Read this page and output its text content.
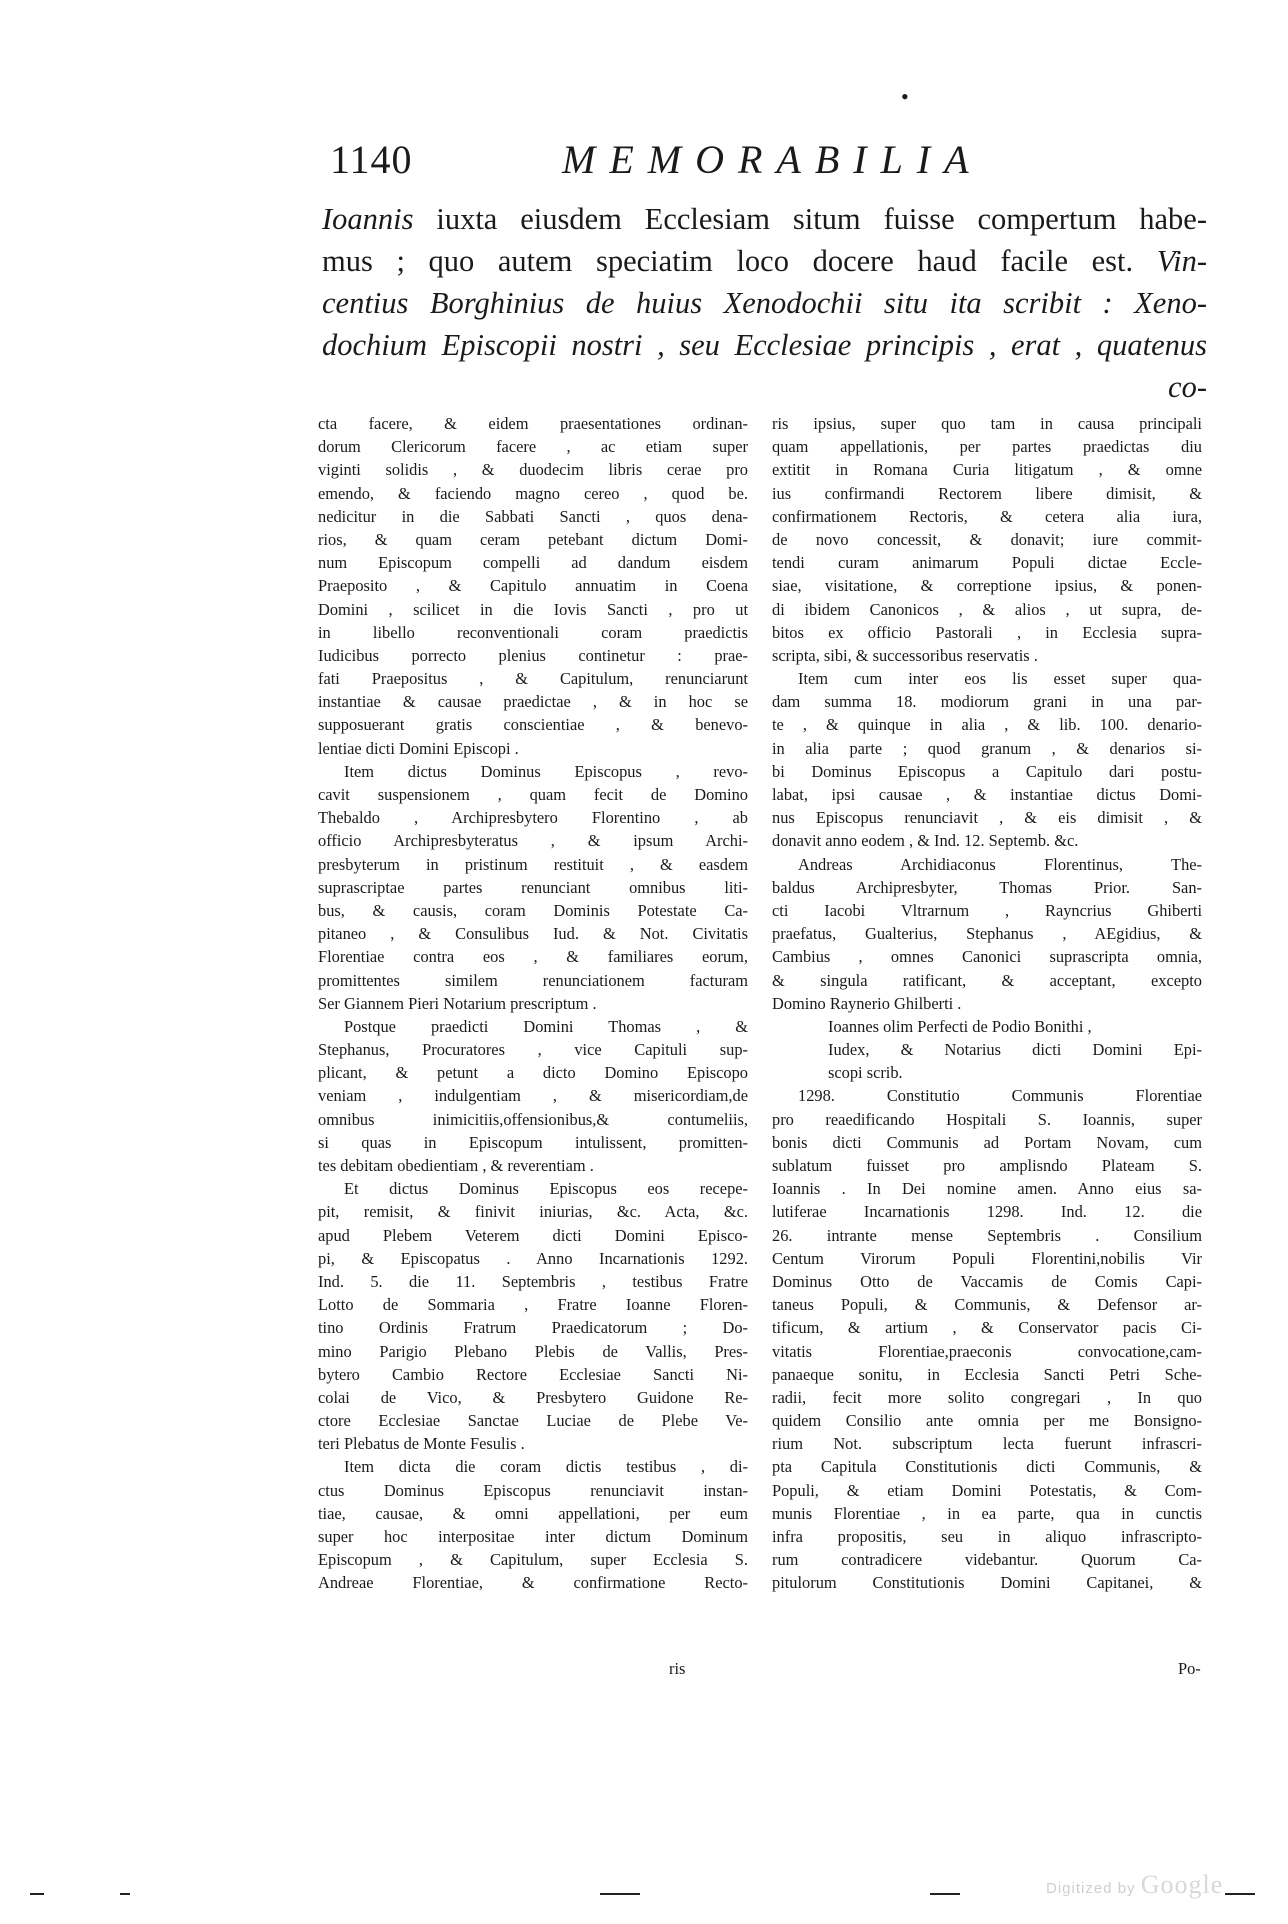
•
1140	MEMORABILIA
Ioannis iuxta eiusdem Ecclesiam situm fuisse compertum habe-
mus ; quo autem speciatim loco docere haud facile est. Vin-
centius Borghinius de huius Xenodochii situ ita scribit : Xeno-
dochium Episcopii nostri , seu Ecclesiae principis , erat , quatenus
co-
cta facere, & eidem praesentationes ordinan-
dorum Clericorum facere , ac etiam super
viginti solidis , & duodecim libris cerae pro
emendo, & faciendo magno cereo , quod be.
nedicitur in die Sabbati Sancti , quos dena-
rios, & quam ceram petebant dictum Domi-
num Episcopum compelli ad dandum eisdem
Praeposito , & Capitulo annuatim in Coena
Domini , scilicet in die Iovis Sancti , pro ut
in libello reconventionali coram praedictis
Iudicibus porrecto plenius continetur : prae-
fati Praepositus , & Capitulum, renunciarunt
instantiae & causae praedictae , & in hoc se
supposuerant gratis conscientiae , & benevo-
lentiae dicti Domini Episcopi .
Item dictus Dominus Episcopus , revo-
cavit suspensionem , quam fecit de Domino
Thebaldo , Archipresbytero Florentino , ab
officio Archipresbyteratus , & ipsum Archi-
presbyterum in pristinum restituit , & easdem
suprascriptae partes renunciant omnibus liti-
bus, & causis, coram Dominis Potestate Ca-
pitaneo , & Consulibus Iud. & Not. Civitatis
Florentiae contra eos , & familiares eorum,
promittentes similem renunciationem facturam
Ser Giannem Pieri Notarium prescriptum .
Postque praedicti Domini Thomas , &
Stephanus, Procuratores , vice Capituli sup-
plicant, & petunt a dicto Domino Episcopo
veniam , indulgentiam , & misericordiam,de
omnibus inimicitiis,offensionibus,& contumeliis,
si quas in Episcopum intulissent, promitten-
tes debitam obedientiam , & reverentiam .
Et dictus Dominus Episcopus eos recepe-
pit, remisit, & finivit iniurias, &c. Acta, &c.
apud Plebem Veterem dicti Domini Episco-
pi, & Episcopatus . Anno Incarnationis 1292.
Ind. 5. die 11. Septembris , testibus Fratre
Lotto de Sommaria , Fratre Ioanne Floren-
tino Ordinis Fratrum Praedicatorum ; Do-
mino Parigio Plebano Plebis de Vallis, Pres-
bytero Cambio Rectore Ecclesiae Sancti Ni-
colai de Vico, & Presbytero Guidone Re-
ctore Ecclesiae Sanctae Luciae de Plebe Ve-
teri Plebatus de Monte Fesulis .
Item dicta die coram dictis testibus , di-
ctus Dominus Episcopus renunciavit instan-
tiae, causae, & omni appellationi, per eum
super hoc interpositae inter dictum Dominum
Episcopum , & Capitulum, super Ecclesia S.
Andreae Florentiae, & confirmatione Recto-
ris ipsius, super quo tam in causa principali
quam appellationis, per partes praedictas diu
extitit in Romana Curia litigatum , & omne
ius confirmandi Rectorem libere dimisit, &
confirmationem Rectoris, & cetera alia iura,
de novo concessit, & donavit; iure commit-
tendi curam animarum Populi dictae Eccle-
siae, visitatione, & correptione ipsius, & ponen-
di ibidem Canonicos , & alios , ut supra, de-
bitos ex officio Pastorali , in Ecclesia supra-
scripta, sibi, & successoribus reservatis .
Item cum inter eos lis esset super qua-
dam summa 18. modiorum grani in una par-
te , & quinque in alia , & lib. 100. denario-
in alia parte ; quod granum , & denarios si-
bi Dominus Episcopus a Capitulo dari postu-
labat, ipsi causae , & instantiae dictus Domi-
nus Episcopus renunciavit , & eis dimisit , &
donavit anno eodem , & Ind. 12. Septemb. &c.
Andreas Archidiaconus Florentinus, The-
baldus Archipresbyter, Thomas Prior. San-
cti Iacobi Vltrarnum , Rayncrius Ghiberti
praefatus, Gualterius, Stephanus , AEgidius, &
Cambius , omnes Canonici suprascripta omnia,
& singula ratificant, & acceptant, excepto
Domino Raynerio Ghilberti .
Ioannes olim Perfecti de Podio Bonithi ,
Iudex, & Notarius dicti Domini Epi-
scopi scrib.
1298. Constitutio Communis Florentiae
pro reaedificando Hospitali S. Ioannis, super
bonis dicti Communis ad Portam Novam, cum
sublatum fuisset pro amplisndo Plateam S.
Ioannis . In Dei nomine amen. Anno eius sa-
lutiferae Incarnationis 1298. Ind. 12. die
26. intrante mense Septembris . Consilium
Centum Virorum Populi Florentini,nobilis Vir
Dominus Otto de Vaccamis de Comis Capi-
taneus Populi, & Communis, & Defensor ar-
tificum, & artium , & Conservator pacis Ci-
vitatis Florentiae,praeconis convocatione,cam-
panaeque sonitu, in Ecclesia Sancti Petri Sche-
radii, fecit more solito congregari , In quo
quidem Consilio ante omnia per me Bonsigno-
rium Not. subscriptum lecta fuerunt infrascri-
pta Capitula Constitutionis dicti Communis, &
Populi, & etiam Domini Potestatis, & Com-
munis Florentiae , in ea parte, qua in cunctis
infra propositis, seu in aliquo infrascripto-
rum contradicere videbantur. Quorum Ca-
pitulorum Constitutionis Domini Capitanei, &
ris	Po-
Digitized by Google
